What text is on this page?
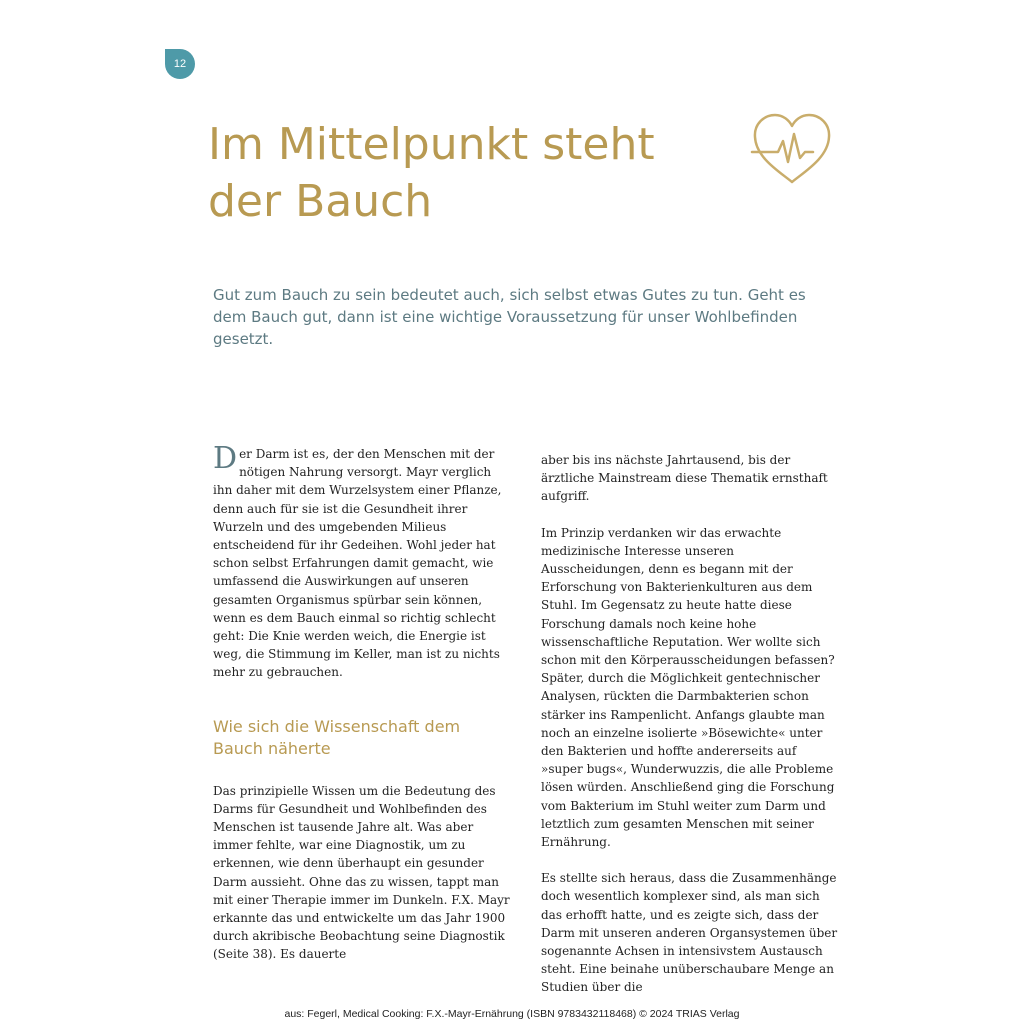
12
Im Mittelpunkt steht der Bauch

Gut zum Bauch zu sein bedeutet auch, sich selbst etwas Gutes zu tun. Geht es dem Bauch gut, dann ist eine wichtige Voraussetzung für unser Wohlbefinden gesetzt.

Der Darm ist es, der den Menschen mit der nötigen Nahrung versorgt. Mayr verglich ihn daher mit dem Wurzelsystem einer Pflanze, denn auch für sie ist die Gesundheit ihrer Wurzeln und des umgebenden Milieus entscheidend für ihr Gedeihen. Wohl jeder hat schon selbst Erfahrungen damit gemacht, wie umfassend die Auswirkungen auf unseren gesamten Organismus spürbar sein können, wenn es dem Bauch einmal so richtig schlecht geht: Die Knie werden weich, die Energie ist weg, die Stimmung im Keller, man ist zu nichts mehr zu gebrauchen.

Wie sich die Wissenschaft dem Bauch näherte

Das prinzipielle Wissen um die Bedeutung des Darms für Gesundheit und Wohlbefinden des Menschen ist tausende Jahre alt. Was aber immer fehlte, war eine Diagnostik, um zu erkennen, wie denn überhaupt ein gesunder Darm aussieht. Ohne das zu wissen, tappt man mit einer Therapie immer im Dunkeln. F.X. Mayr erkannte das und entwickelte um das Jahr 1900 durch akribische Beobachtung seine Diagnostik (Seite 38). Es dauerte

aber bis ins nächste Jahrtausend, bis der ärztliche Mainstream diese Thematik ernsthaft aufgriff.

Im Prinzip verdanken wir das erwachte medizinische Interesse unseren Ausscheidungen, denn es begann mit der Erforschung von Bakterienkulturen aus dem Stuhl. Im Gegensatz zu heute hatte diese Forschung damals noch keine hohe wissenschaftliche Reputation. Wer wollte sich schon mit den Körperausscheidungen befassen? Später, durch die Möglichkeit gentechnischer Analysen, rückten die Darmbakterien schon stärker ins Rampenlicht. Anfangs glaubte man noch an einzelne isolierte »Bösewichte« unter den Bakterien und hoffte andererseits auf »super bugs«, Wunderwuzzis, die alle Probleme lösen würden. Anschließend ging die Forschung vom Bakterium im Stuhl weiter zum Darm und letztlich zum gesamten Menschen mit seiner Ernährung.

Es stellte sich heraus, dass die Zusammenhänge doch wesentlich komplexer sind, als man sich das erhofft hatte, und es zeigte sich, dass der Darm mit unseren anderen Organsystemen über sogenannte Achsen in intensivstem Austausch steht. Eine beinahe unüberschaubare Menge an Studien über die

aus: Fegerl, Medical Cooking: F.X.-Mayr-Ernährung (ISBN 9783432118468) © 2024 TRIAS Verlag
